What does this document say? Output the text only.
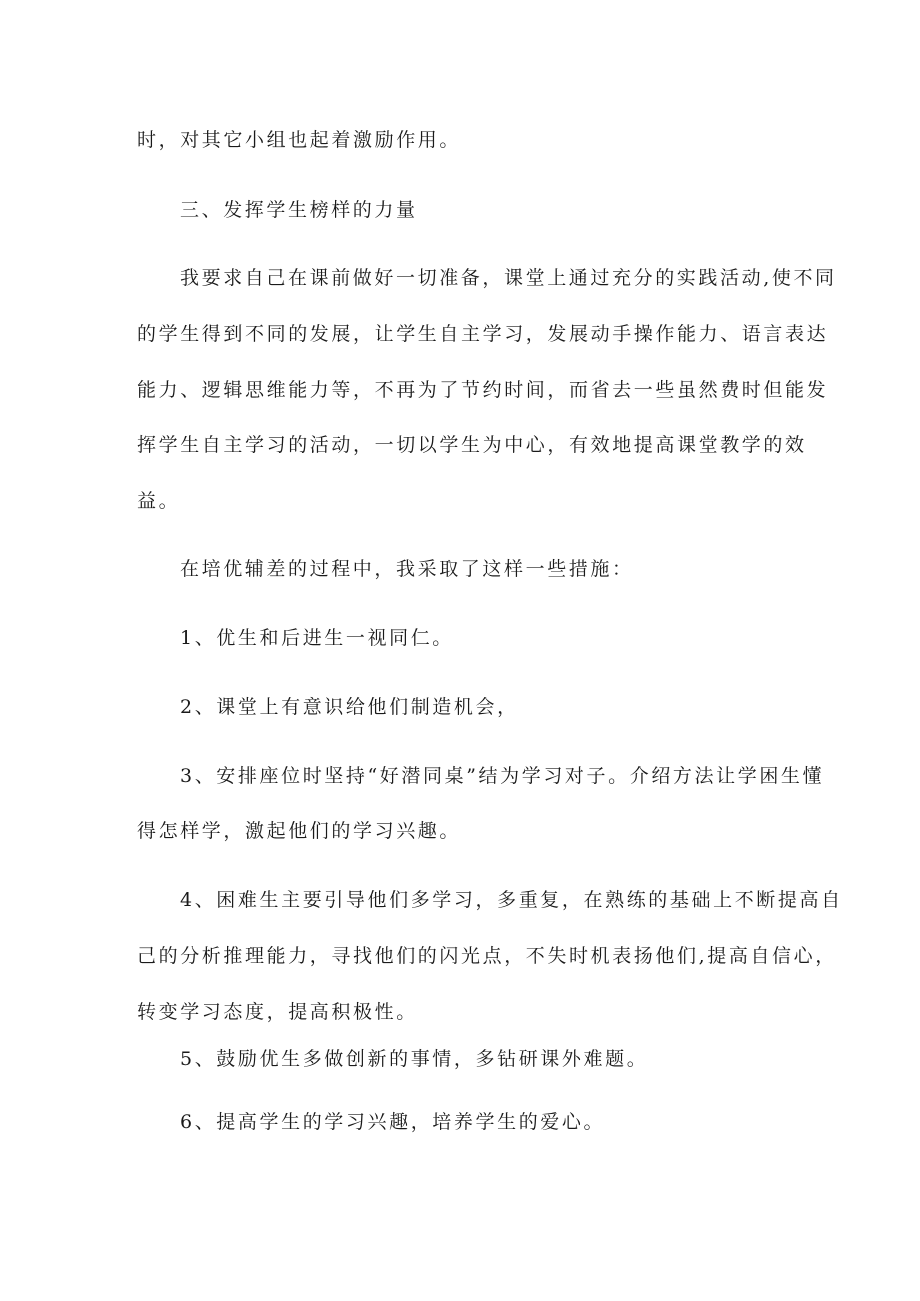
时，对其它小组也起着激励作用。
三、发挥学生榜样的力量
我要求自己在课前做好一切准备，课堂上通过充分的实践活动,使不同
的学生得到不同的发展，让学生自主学习，发展动手操作能力、语言表达
能力、逻辑思维能力等，不再为了节约时间，而省去一些虽然费时但能发
挥学生自主学习的活动，一切以学生为中心，有效地提高课堂教学的效
益。
在培优辅差的过程中，我采取了这样一些措施：
1、优生和后进生一视同仁。
2、课堂上有意识给他们制造机会，
3、安排座位时坚持“好潜同桌”结为学习对子。介绍方法让学困生懂
得怎样学，激起他们的学习兴趣。
4、困难生主要引导他们多学习，多重复，在熟练的基础上不断提高自
己的分析推理能力，寻找他们的闪光点，不失时机表扬他们,提高自信心，
转变学习态度，提高积极性。
5、鼓励优生多做创新的事情，多钻研课外难题。
6、提高学生的学习兴趣，培养学生的爱心。
